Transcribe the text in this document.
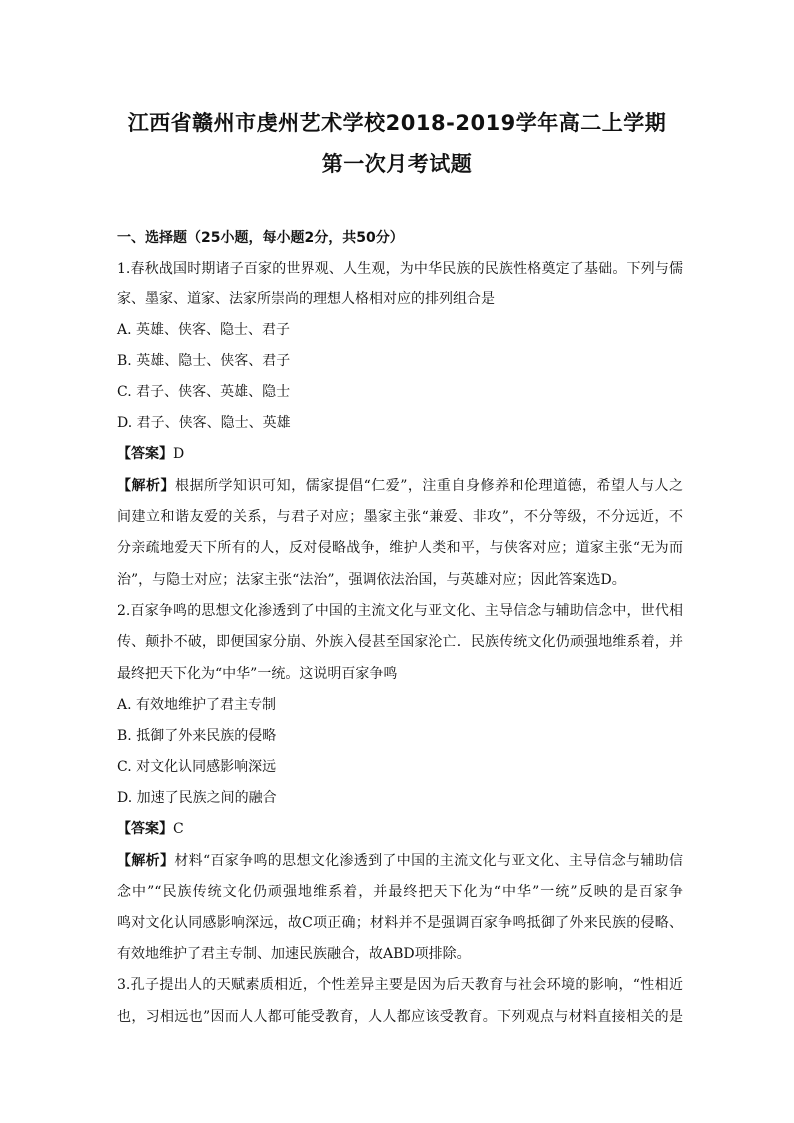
江西省赣州市虔州艺术学校2018-2019学年高二上学期
第一次月考试题
一、选择题（25小题，每小题2分，共50分）
1.春秋战国时期诸子百家的世界观、人生观，为中华民族的民族性格奠定了基础。下列与儒
家、墨家、道家、法家所崇尚的理想人格相对应的排列组合是
A. 英雄、侠客、隐士、君子
B. 英雄、隐士、侠客、君子
C. 君子、侠客、英雄、隐士
D. 君子、侠客、隐士、英雄
【答案】D
【解析】根据所学知识可知，儒家提倡“仁爱”，注重自身修养和伦理道德，希望人与人之
间建立和谐友爱的关系，与君子对应；墨家主张“兼爱、非攻”，不分等级，不分远近，不
分亲疏地爱天下所有的人，反对侵略战争，维护人类和平，与侠客对应；道家主张“无为而
治”，与隐士对应；法家主张“法治”，强调依法治国，与英雄对应；因此答案选D。
2.百家争鸣的思想文化渗透到了中国的主流文化与亚文化、主导信念与辅助信念中，世代相
传、颠扑不破，即便国家分崩、外族入侵甚至国家沦亡．民族传统文化仍顽强地维系着，并
最终把天下化为“中华”一统。这说明百家争鸣
A. 有效地维护了君主专制
B. 抵御了外来民族的侵略
C. 对文化认同感影响深远
D. 加速了民族之间的融合
【答案】C
【解析】材料“百家争鸣的思想文化渗透到了中国的主流文化与亚文化、主导信念与辅助信
念中”“民族传统文化仍顽强地维系着，并最终把天下化为“中华”一统”反映的是百家争
鸣对文化认同感影响深远，故C项正确；材料并不是强调百家争鸣抵御了外来民族的侵略、
有效地维护了君主专制、加速民族融合，故ABD项排除。
3.孔子提出人的天赋素质相近，个性差异主要是因为后天教育与社会环境的影响，“性相近
也，习相远也”因而人人都可能受教育，人人都应该受教育。下列观点与材料直接相关的是
